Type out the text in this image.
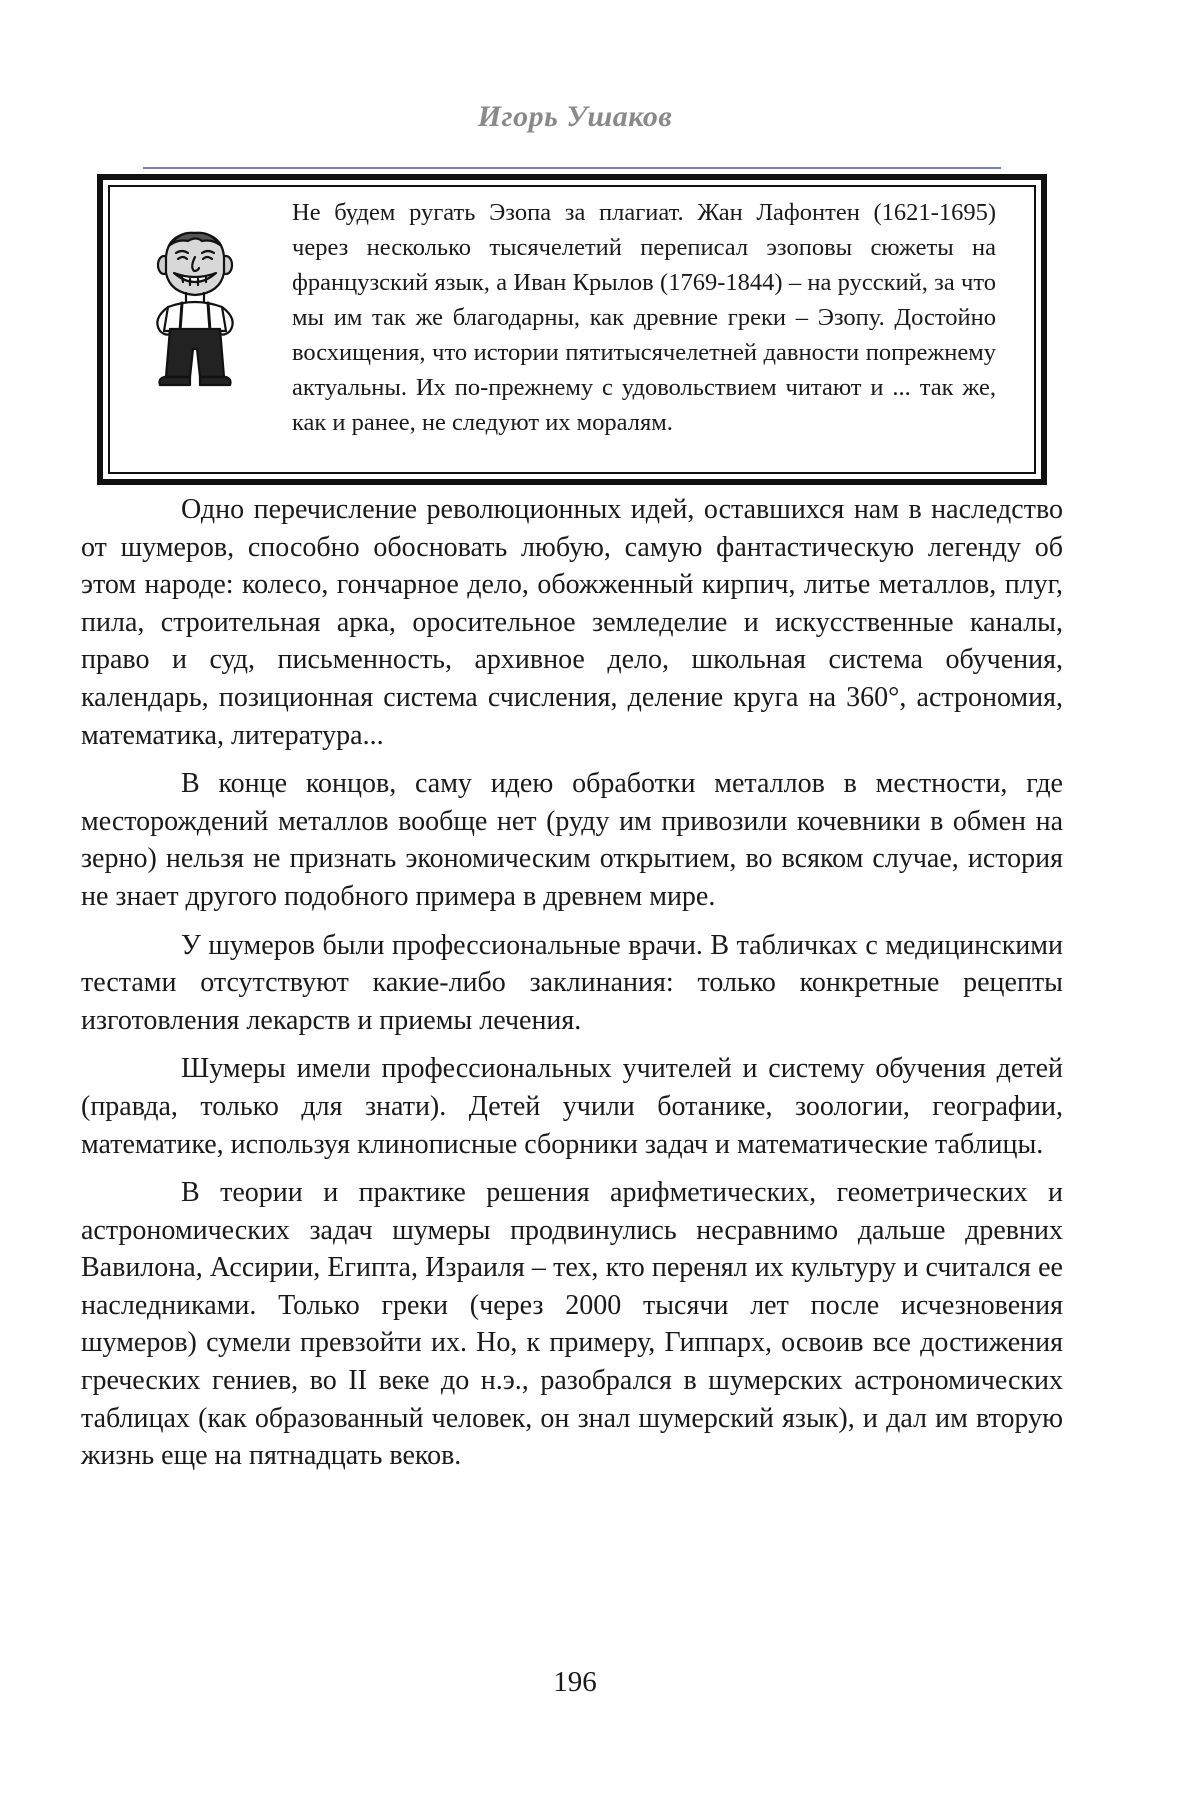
Игорь Ушаков
Не будем ругать Эзопа за плагиат. Жан Лафонтен (1621-1695) через несколько тысячелетий переписал эзоповы сюжеты на французский язык, а Иван Крылов (1769-1844) – на русский, за что мы им так же благодарны, как древние греки – Эзопу. Достойно восхищения, что истории пятитысячелетней давности попрежнему актуальны. Их по-прежнему с удовольствием читают и ... так же, как и ранее, не следуют их моралям.

Одно перечисление революционных идей, оставшихся нам в наследство от шумеров, способно обосновать любую, самую фантастическую легенду об этом народе: колесо, гончарное дело, обожженный кирпич, литье металлов, плуг, пила, строительная арка, оросительное земледелие и искусственные каналы, право и суд, письменность, архивное дело, школьная система обучения, календарь, позиционная система счисления, деление круга на 360°, астрономия, математика, литература...

В конце концов, саму идею обработки металлов в местности, где месторождений металлов вообще нет (руду им привозили кочевники в обмен на зерно) нельзя не признать экономическим открытием, во всяком случае, история не знает другого подобного примера в древнем мире.

У шумеров были профессиональные врачи. В табличках с медицинскими тестами отсутствуют какие-либо заклинания: только конкретные рецепты изготовления лекарств и приемы лечения.

Шумеры имели профессиональных учителей и систему обучения детей (правда, только для знати). Детей учили ботанике, зоологии, географии, математике, используя клинописные сборники задач и математические таблицы.

В теории и практике решения арифметических, геометрических и астрономических задач шумеры продвинулись несравнимо дальше древних Вавилона, Ассирии, Египта, Израиля – тех, кто перенял их культуру и считался ее наследниками. Только греки (через 2000 тысячи лет после исчезновения шумеров) сумели превзойти их. Но, к примеру, Гиппарх, освоив все достижения греческих гениев, во II веке до н.э., разобрался в шумерских астрономических таблицах (как образованный человек, он знал шумерский язык), и дал им вторую жизнь еще на пятнадцать веков.

196
